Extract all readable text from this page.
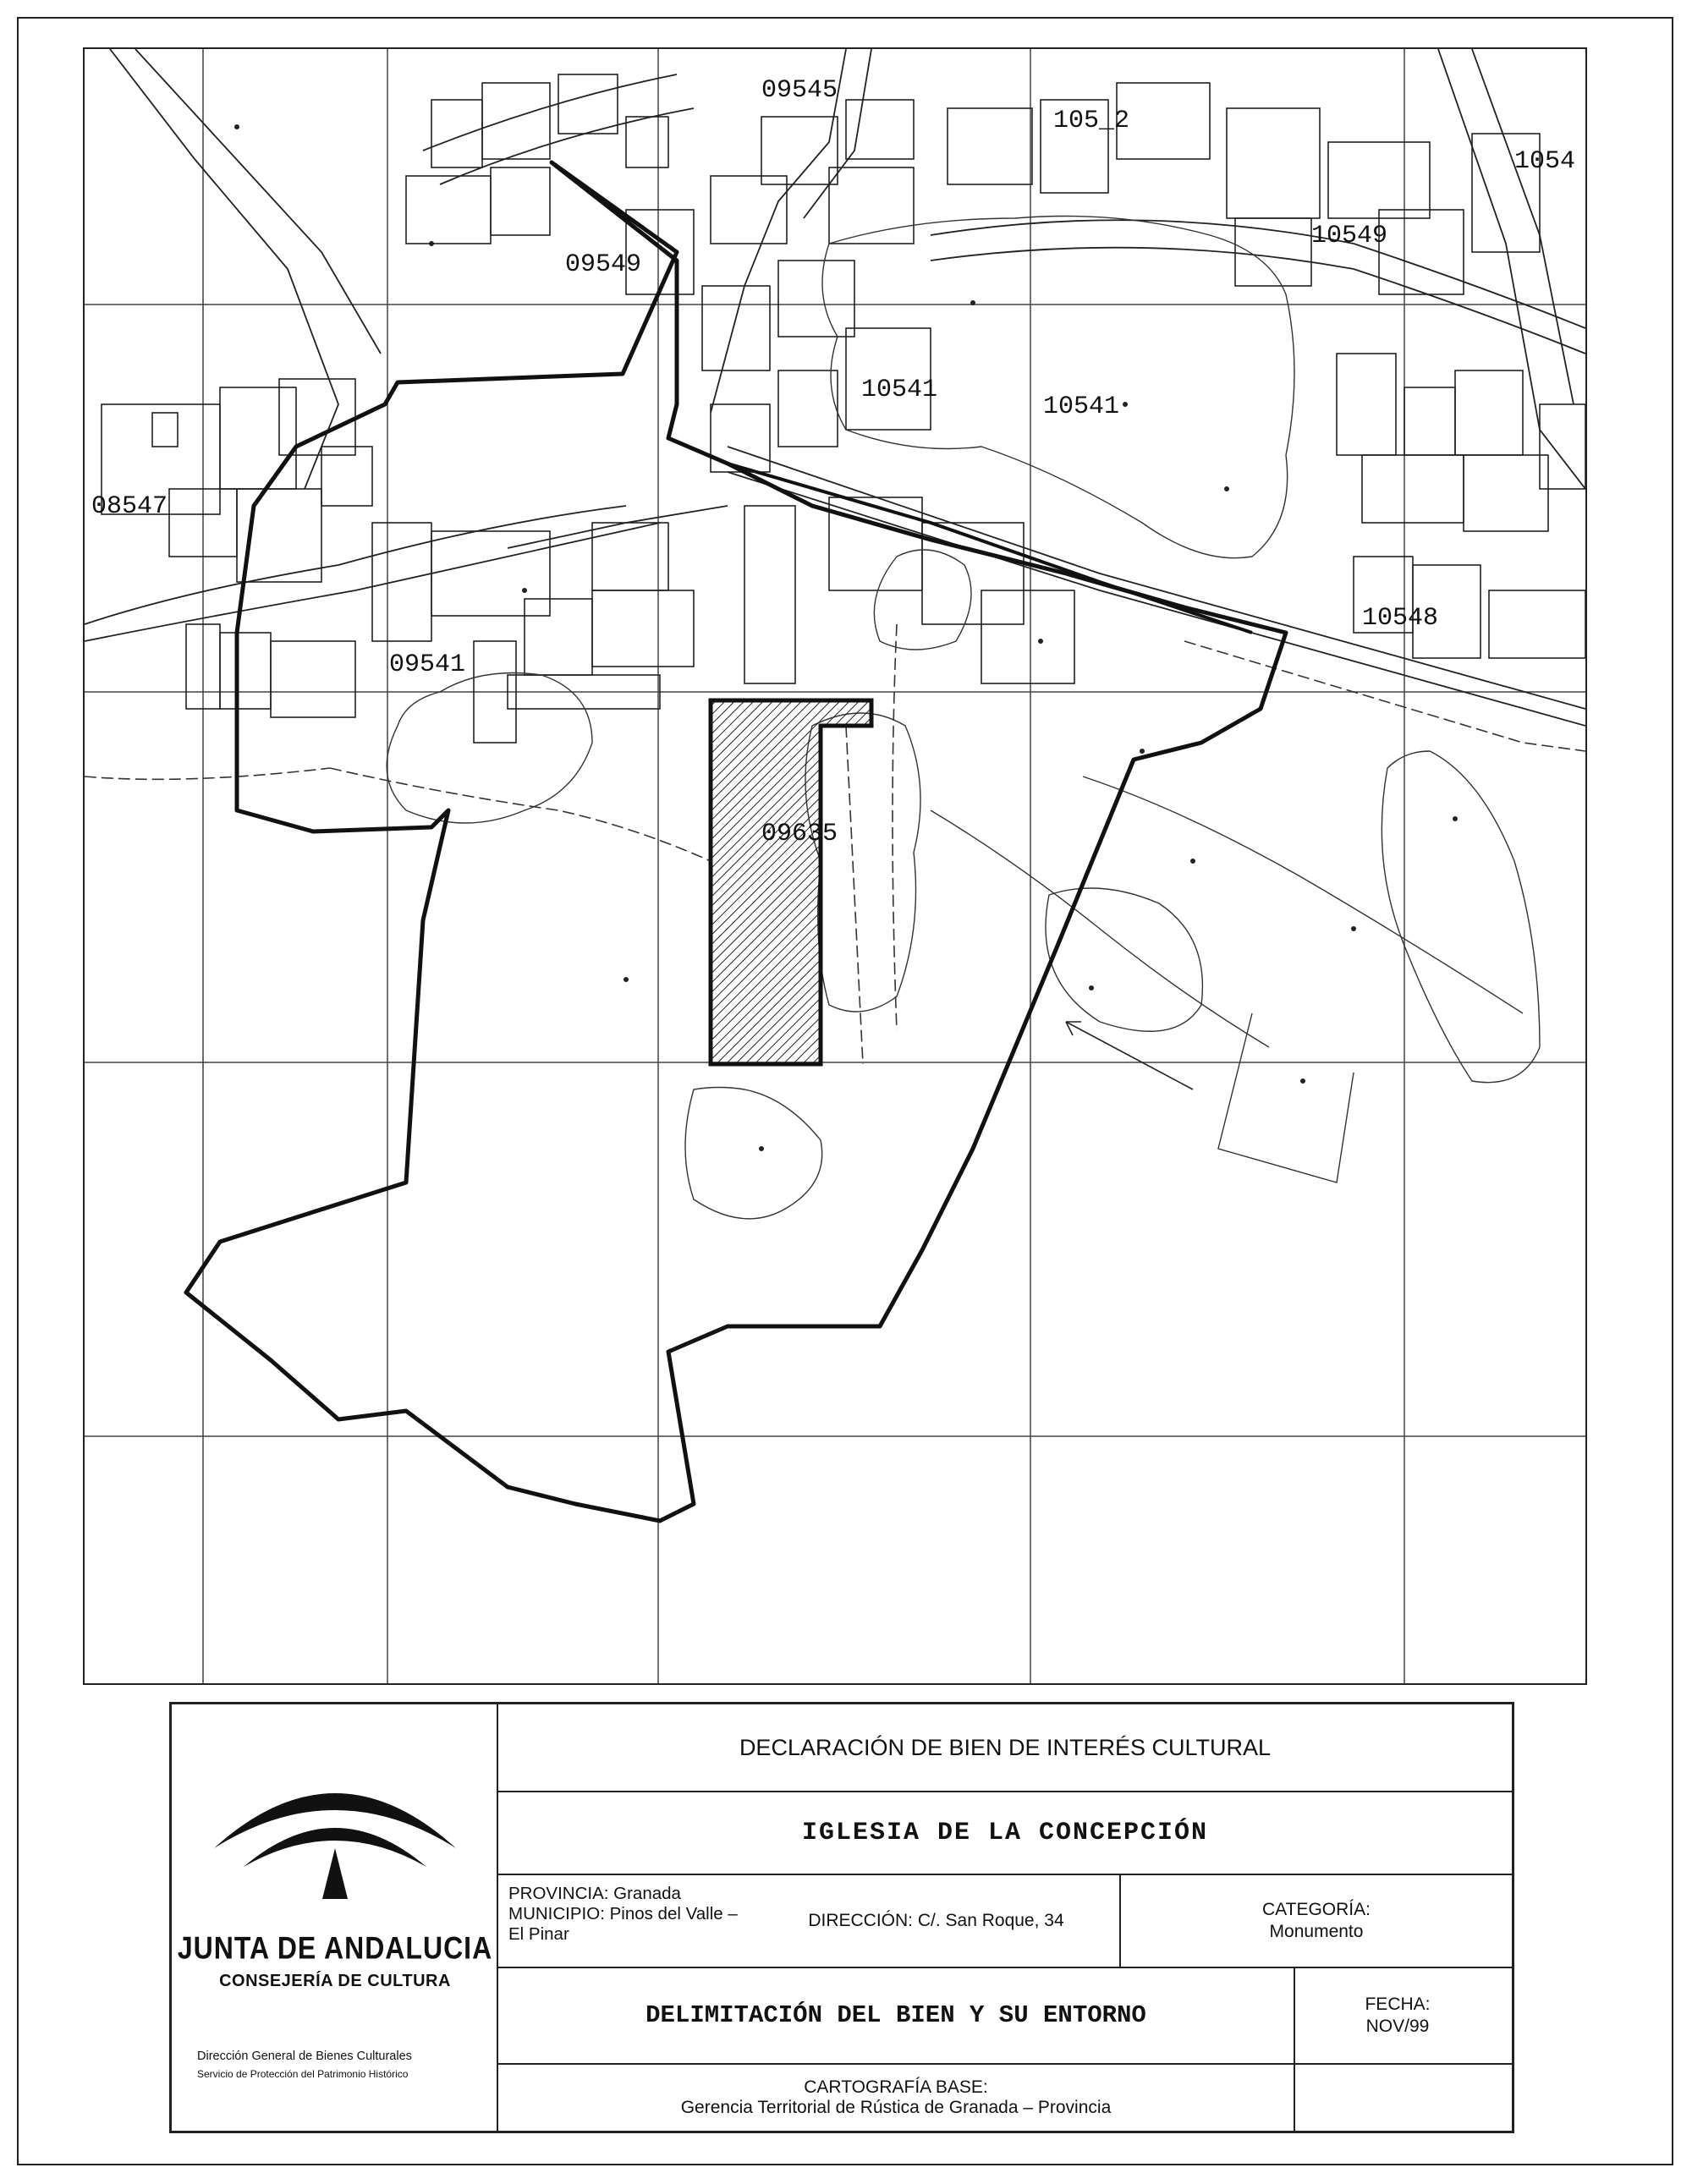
09545
105_2
1054
09549
10549
10541
10541
08547
10548
09541
09635
JUNTA DE ANDALUCIA
CONSEJERÍA DE CULTURA
Dirección General de Bienes Culturales
Servicio de Protección del Patrimonio Histórico
DECLARACIÓN DE BIEN DE INTERÉS CULTURAL
IGLESIA DE LA CONCEPCIÓN
PROVINCIA: Granada
MUNICIPIO: Pinos del Valle – El Pinar
DIRECCIÓN: C/. San Roque, 34
CATEGORÍA:
Monumento
DELIMITACIÓN DEL BIEN Y SU ENTORNO	FECHA:
NOV/99
CARTOGRAFÍA BASE:
Gerencia Territorial de Rústica de Granada – Provincia
